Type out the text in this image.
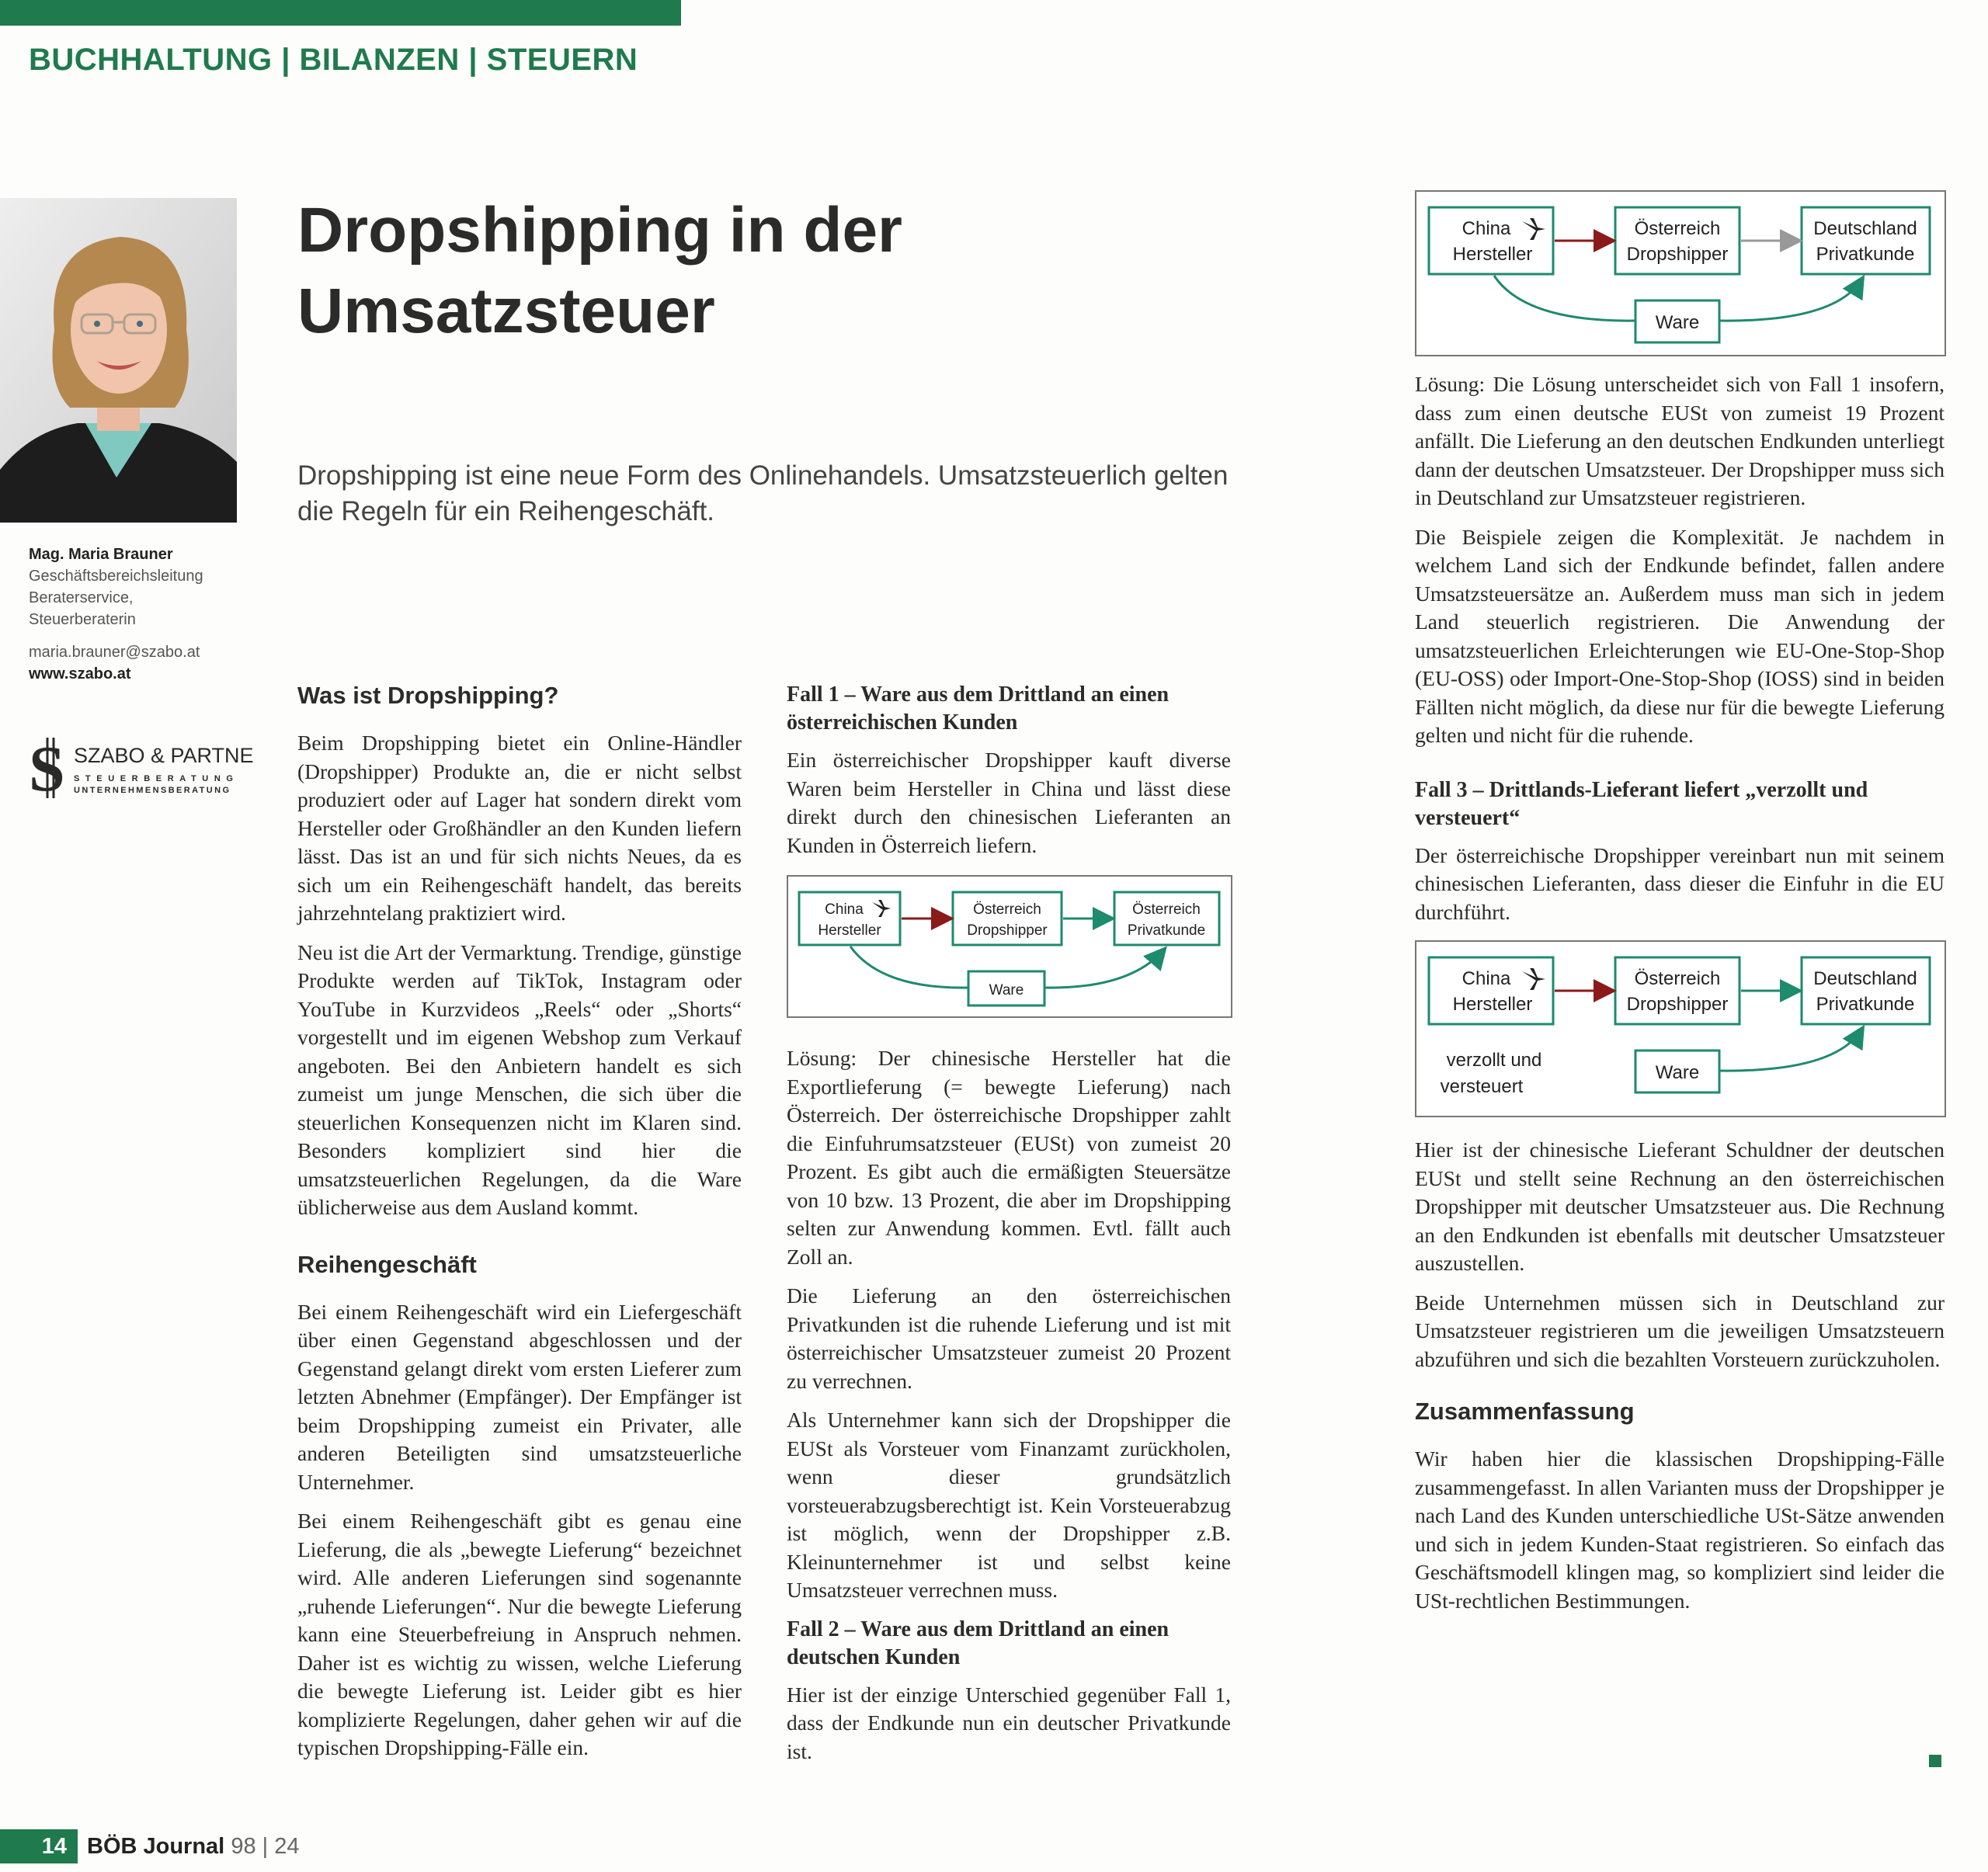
BUCHHALTUNG | BILANZEN | STEUERN
Mag. Maria Brauner
Geschäftsbereichsleitung
Beraterservice,
Steuerberaterin
maria.brauner@szabo.at
www.szabo.at
S SZABO & PARTNER
STEUERBERATUNG
UNTERNEHMENSBERATUNG
Dropshipping in der
Umsatzsteuer
Dropshipping ist eine neue Form des Onlinehandels. Umsatzsteuerlich gelten die Regeln für ein Reihengeschäft.
Was ist Dropshipping?

Beim Dropshipping bietet ein Online-Händler (Dropshipper) Produkte an, die er nicht selbst produziert oder auf Lager hat sondern direkt vom Hersteller oder Großhändler an den Kunden liefern lässt. Das ist an und für sich nichts Neues, da es sich um ein Reihengeschäft handelt, das bereits jahrzehntelang praktiziert wird.

Neu ist die Art der Vermarktung. Trendige, günstige Produkte werden auf TikTok, Instagram oder YouTube in Kurzvideos „Reels“ oder „Shorts“ vorgestellt und im eigenen Webshop zum Verkauf angeboten. Bei den Anbietern handelt es sich zumeist um junge Menschen, die sich über die steuerlichen Konsequenzen nicht im Klaren sind. Besonders kompliziert sind hier die umsatzsteuerlichen Regelungen, da die Ware üblicherweise aus dem Ausland kommt.

Reihengeschäft

Bei einem Reihengeschäft wird ein Liefergeschäft über einen Gegenstand abgeschlossen und der Gegenstand gelangt direkt vom ersten Lieferer zum letzten Abnehmer (Empfänger). Der Empfänger ist beim Dropshipping zumeist ein Privater, alle anderen Beteiligten sind umsatzsteuerliche Unternehmer.

Bei einem Reihengeschäft gibt es genau eine Lieferung, die als „bewegte Lieferung“ bezeichnet wird. Alle anderen Lieferungen sind sogenannte „ruhende Lieferungen“. Nur die bewegte Lieferung kann eine Steuerbefreiung in Anspruch nehmen. Daher ist es wichtig zu wissen, welche Lieferung die bewegte Lieferung ist. Leider gibt es hier komplizierte Regelungen, daher gehen wir auf die typischen Dropshipping-Fälle ein.

Fall 1 – Ware aus dem Drittland an einen österreichischen Kunden

Ein österreichischer Dropshipper kauft diverse Waren beim Hersteller in China und lässt diese direkt durch den chinesischen Lieferanten an Kunden in Österreich liefern.

China
Hersteller
Österreich
Dropshipper
Österreich
Privatkunde
Ware

Lösung: Der chinesische Hersteller hat die Exportlieferung (= bewegte Lieferung) nach Österreich. Der österreichische Dropshipper zahlt die Einfuhrumsatzsteuer (EUSt) von zumeist 20 Prozent. Es gibt auch die ermäßigten Steuersätze von 10 bzw. 13 Prozent, die aber im Dropshipping selten zur Anwendung kommen. Evtl. fällt auch Zoll an.

Die Lieferung an den österreichischen Privatkunden ist die ruhende Lieferung und ist mit österreichischer Umsatzsteuer zumeist 20 Prozent zu verrechnen.

Als Unternehmer kann sich der Dropshipper die EUSt als Vorsteuer vom Finanzamt zurückholen, wenn dieser grundsätzlich vorsteuerabzugsberechtigt ist. Kein Vorsteuerabzug ist möglich, wenn der Dropshipper z.B. Kleinunternehmer ist und selbst keine Umsatzsteuer verrechnen muss.

Fall 2 – Ware aus dem Drittland an einen deutschen Kunden

Hier ist der einzige Unterschied gegenüber Fall 1, dass der Endkunde nun ein deutscher Privatkunde ist.

China
Hersteller
Österreich
Dropshipper
Deutschland
Privatkunde
Ware

Lösung: Die Lösung unterscheidet sich von Fall 1 insofern, dass zum einen deutsche EUSt von zumeist 19 Prozent anfällt. Die Lieferung an den deutschen Endkunden unterliegt dann der deutschen Umsatzsteuer. Der Dropshipper muss sich in Deutschland zur Umsatzsteuer registrieren.

Die Beispiele zeigen die Komplexität. Je nachdem in welchem Land sich der Endkunde befindet, fallen andere Umsatzsteuersätze an. Außerdem muss man sich in jedem Land steuerlich registrieren. Die Anwendung der umsatzsteuerlichen Erleichterungen wie EU-One-Stop-Shop (EU-OSS) oder Import-One-Stop-Shop (IOSS) sind in beiden Fällten nicht möglich, da diese nur für die bewegte Lieferung gelten und nicht für die ruhende.

Fall 3 – Drittlands-Lieferant liefert „verzollt und versteuert“

Der österreichische Dropshipper vereinbart nun mit seinem chinesischen Lieferanten, dass dieser die Einfuhr in die EU durchführt.

China
Hersteller
Österreich
Dropshipper
Deutschland
Privatkunde
Ware
verzollt und
versteuert

Hier ist der chinesische Lieferant Schuldner der deutschen EUSt und stellt seine Rechnung an den österreichischen Dropshipper mit deutscher Umsatzsteuer aus. Die Rechnung an den Endkunden ist ebenfalls mit deutscher Umsatzsteuer auszustellen.

Beide Unternehmen müssen sich in Deutschland zur Umsatzsteuer registrieren um die jeweiligen Umsatzsteuern abzuführen und sich die bezahlten Vorsteuern zurückzuholen.

Zusammenfassung

Wir haben hier die klassischen Dropshipping-Fälle zusammengefasst. In allen Varianten muss der Dropshipper je nach Land des Kunden unterschiedliche USt-Sätze anwenden und sich in jedem Kunden-Staat registrieren. So einfach das Geschäftsmodell klingen mag, so kompliziert sind leider die USt-rechtlichen Bestimmungen.

14 BÖB Journal 98 | 24
